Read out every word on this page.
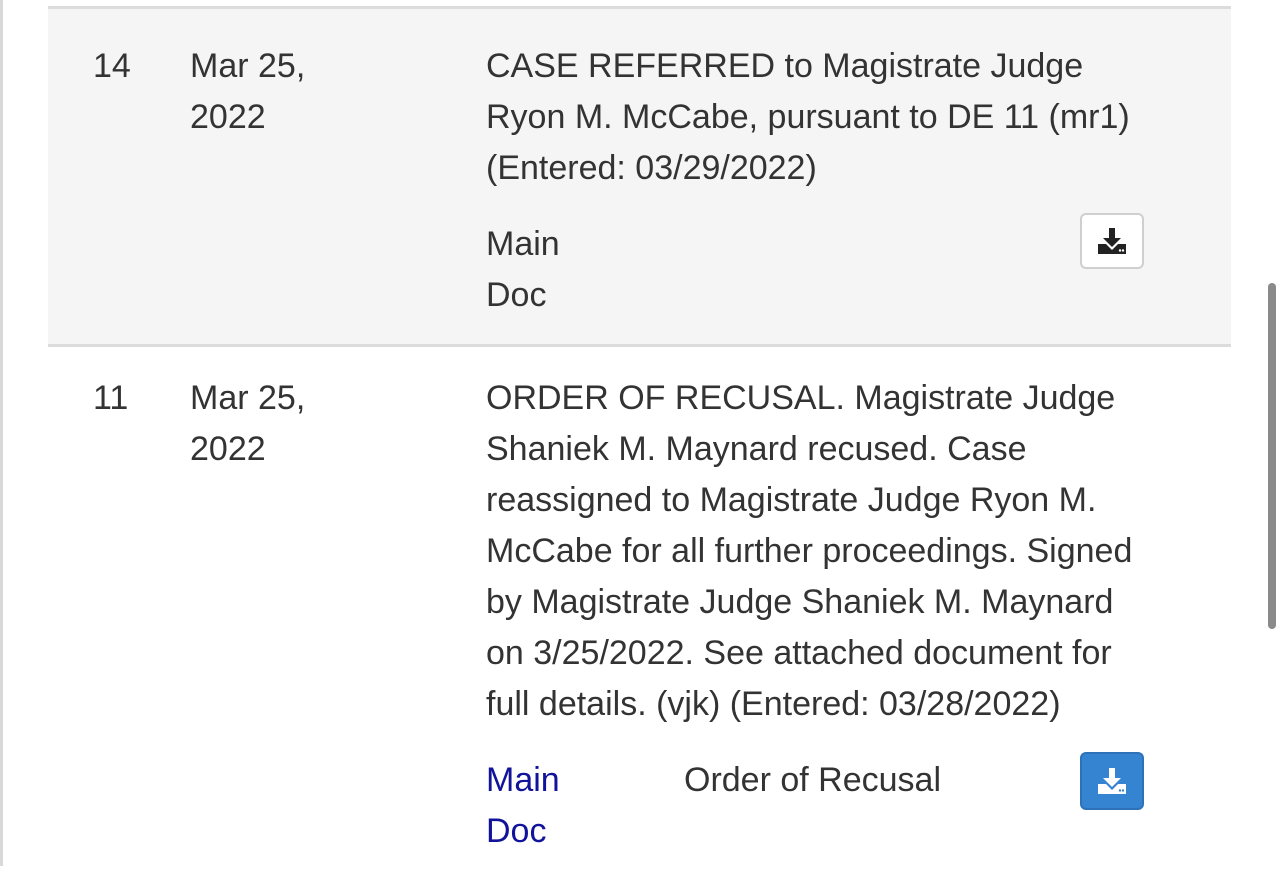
14	Mar 25,
2022
CASE REFERRED to Magistrate Judge
Ryon M. McCabe, pursuant to DE 11 (mr1)
(Entered: 03/29/2022)
Main
Doc
11	Mar 25,
2022
ORDER OF RECUSAL. Magistrate Judge
Shaniek M. Maynard recused. Case
reassigned to Magistrate Judge Ryon M.
McCabe for all further proceedings. Signed
by Magistrate Judge Shaniek M. Maynard
on 3/25/2022. See attached document for
full details. (vjk) (Entered: 03/28/2022)
Main
Doc
Order of Recusal
